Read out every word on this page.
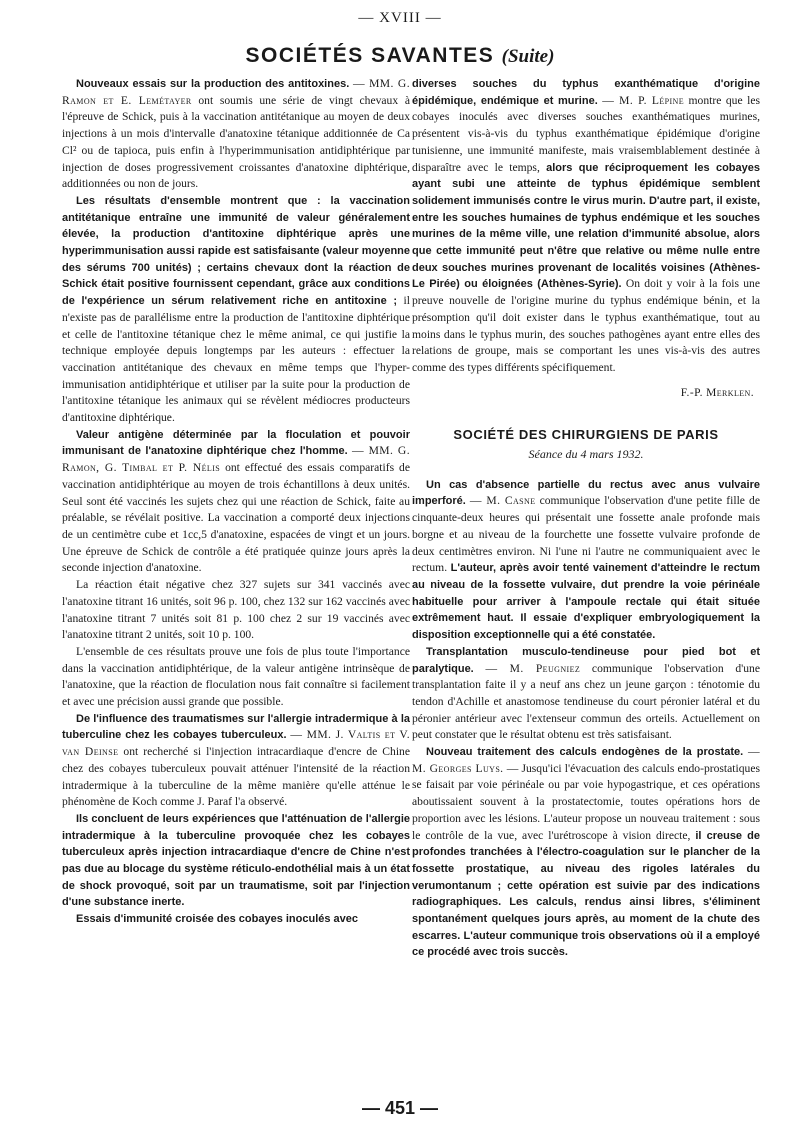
— XVIII —
SOCIÉTÉS SAVANTES (Suite)

Nouveaux essais sur la production des antitoxines. — MM. G. Ramon et E. Lemétayer ont soumis une série de vingt chevaux à l'épreuve de Schick, puis à la vaccination antitétanique au moyen de deux injections à un mois d'intervalle d'anatoxine tétanique additionnée de Ca Cl² ou de tapioca, puis enfin à l'hyperimmunisation antidiphtérique par injection de doses progressivement croissantes d'anatoxine diphtérique, additionnées ou non de jours.

Les résultats d'ensemble montrent que : la vaccination antitétanique entraîne une immunité de valeur généralement élevée, la production d'antitoxine diphtérique après une hyperimmunisation aussi rapide est satisfaisante (valeur moyenne des sérums 700 unités) ; certains chevaux dont la réaction de Schick était positive fournissent cependant, grâce aux conditions de l'expérience un sérum relativement riche en antitoxine ; il n'existe pas de parallélisme entre la production de l'antitoxine diphtérique et celle de l'antitoxine tétanique chez le même animal, ce qui justifie la technique employée depuis longtemps par les auteurs : effectuer la vaccination antitétanique des chevaux en même temps que l'hyper-immunisation antidiphtérique et utiliser par la suite pour la production de l'antitoxine tétanique les animaux qui se révèlent médiocres producteurs d'antitoxine diphtérique.

Valeur antigène déterminée par la floculation et pouvoir immunisant de l'anatoxine diphtérique chez l'homme. — MM. G. Ramon, G. Timbal et P. Nélis ont effectué des essais comparatifs de vaccination antidiphtérique au moyen de trois échantillons à deux unités. Seul sont été vaccinés les sujets chez qui une réaction de Schick, faite au préalable, se révélait positive. La vaccination a comporté deux injections de un centimètre cube et 1cc,5 d'anatoxine, espacées de vingt et un jours. Une épreuve de Schick de contrôle a été pratiquée quinze jours après la seconde injection d'anatoxine.

La réaction était négative chez 327 sujets sur 341 vaccinés avec l'anatoxine titrant 16 unités, soit 96 p. 100, chez 132 sur 162 vaccinés avec l'anatoxine titrant 7 unités soit 81 p. 100 chez 2 sur 19 vaccinés avec l'anatoxine titrant 2 unités, soit 10 p. 100.

L'ensemble de ces résultats prouve une fois de plus toute l'importance dans la vaccination antidiphtérique, de la valeur antigène intrinsèque de l'anatoxine, que la réaction de floculation nous fait connaître si facilement et avec une précision aussi grande que possible.

De l'influence des traumatismes sur l'allergie intradermique à la tuberculine chez les cobayes tuberculeux. — MM. J. Valtis et V. van Deinse ont recherché si l'injection intracardiaque d'encre de Chine chez des cobayes tuberculeux pouvait atténuer l'intensité de la réaction intradermique à la tuberculine de la même manière qu'elle atténue le phénomène de Koch comme J. Paraf l'a observé.

Ils concluent de leurs expériences que l'atténuation de l'allergie intradermique à la tuberculine provoquée chez les cobayes tuberculeux après injection intracardiaque d'encre de Chine n'est pas due au blocage du système réticulo-endothélial mais à un état de shock provoqué, soit par un traumatisme, soit par l'injection d'une substance inerte.

Essais d'immunité croisée des cobayes inoculés avec

diverses souches du typhus exanthématique d'origine épidémique, endémique et murine. — M. P. Lépine montre que les cobayes inoculés avec diverses souches exanthématiques murines, présentent vis-à-vis du typhus exanthématique épidémique d'origine tunisienne, une immunité manifeste, mais vraisemblablement destinée à disparaître avec le temps, alors que réciproquement les cobayes ayant subi une atteinte de typhus épidémique semblent solidement immunisés contre le virus murin. D'autre part, il existe, entre les souches humaines de typhus endémique et les souches murines de la même ville, une relation d'immunité absolue, alors que cette immunité peut n'être que relative ou même nulle entre deux souches murines provenant de localités voisines (Athènes-Le Pirée) ou éloignées (Athènes-Syrie). On doit y voir à la fois une preuve nouvelle de l'origine murine du typhus endémique bénin, et la présomption qu'il doit exister dans le typhus exanthématique, tout au moins dans le typhus murin, des souches pathogènes ayant entre elles des relations de groupe, mais se comportant les unes vis-à-vis des autres comme des types différents spécifiquement.

F.-P. Merklen.
SOCIÉTÉ DES CHIRURGIENS DE PARIS
Séance du 4 mars 1932.

Un cas d'absence partielle du rectus avec anus vulvaire imperforé. — M. Casne communique l'observation d'une petite fille de cinquante-deux heures qui présentait une fossette anale profonde mais borgne et au niveau de la fourchette une fossette vulvaire profonde de deux centimètres environ. Ni l'une ni l'autre ne communiquaient avec le rectum. L'auteur, après avoir tenté vainement d'atteindre le rectum au niveau de la fossette vulvaire, dut prendre la voie périnéale habituelle pour arriver à l'ampoule rectale qui était située extrêmement haut. Il essaie d'expliquer embryologiquement la disposition exceptionnelle qui a été constatée.

Transplantation musculo-tendineuse pour pied bot et paralytique. — M. Peugniez communique l'observation d'une transplantation faite il y a neuf ans chez un jeune garçon : ténotomie du tendon d'Achille et anastomose tendineuse du court péronier latéral et du péronier antérieur avec l'extenseur commun des orteils. Actuellement on peut constater que le résultat obtenu est très satisfaisant.

Nouveau traitement des calculs endogènes de la prostate. — M. Georges Luys. — Jusqu'ici l'évacuation des calculs endo-prostatiques se faisait par voie périnéale ou par voie hypogastrique, et ces opérations aboutissaient souvent à la prostatectomie, toutes opérations hors de proportion avec les lésions. L'auteur propose un nouveau traitement : sous le contrôle de la vue, avec l'urétroscope à vision directe, il creuse de profondes tranchées à l'électro-coagulation sur le plancher de la fossette prostatique, au niveau des rigoles latérales du verumontanum ; cette opération est suivie par des indications radiographiques. Les calculs, rendus ainsi libres, s'éliminent spontanément quelques jours après, au moment de la chute des escarres. L'auteur communique trois observations où il a employé ce procédé avec trois succès.

— 451 —
